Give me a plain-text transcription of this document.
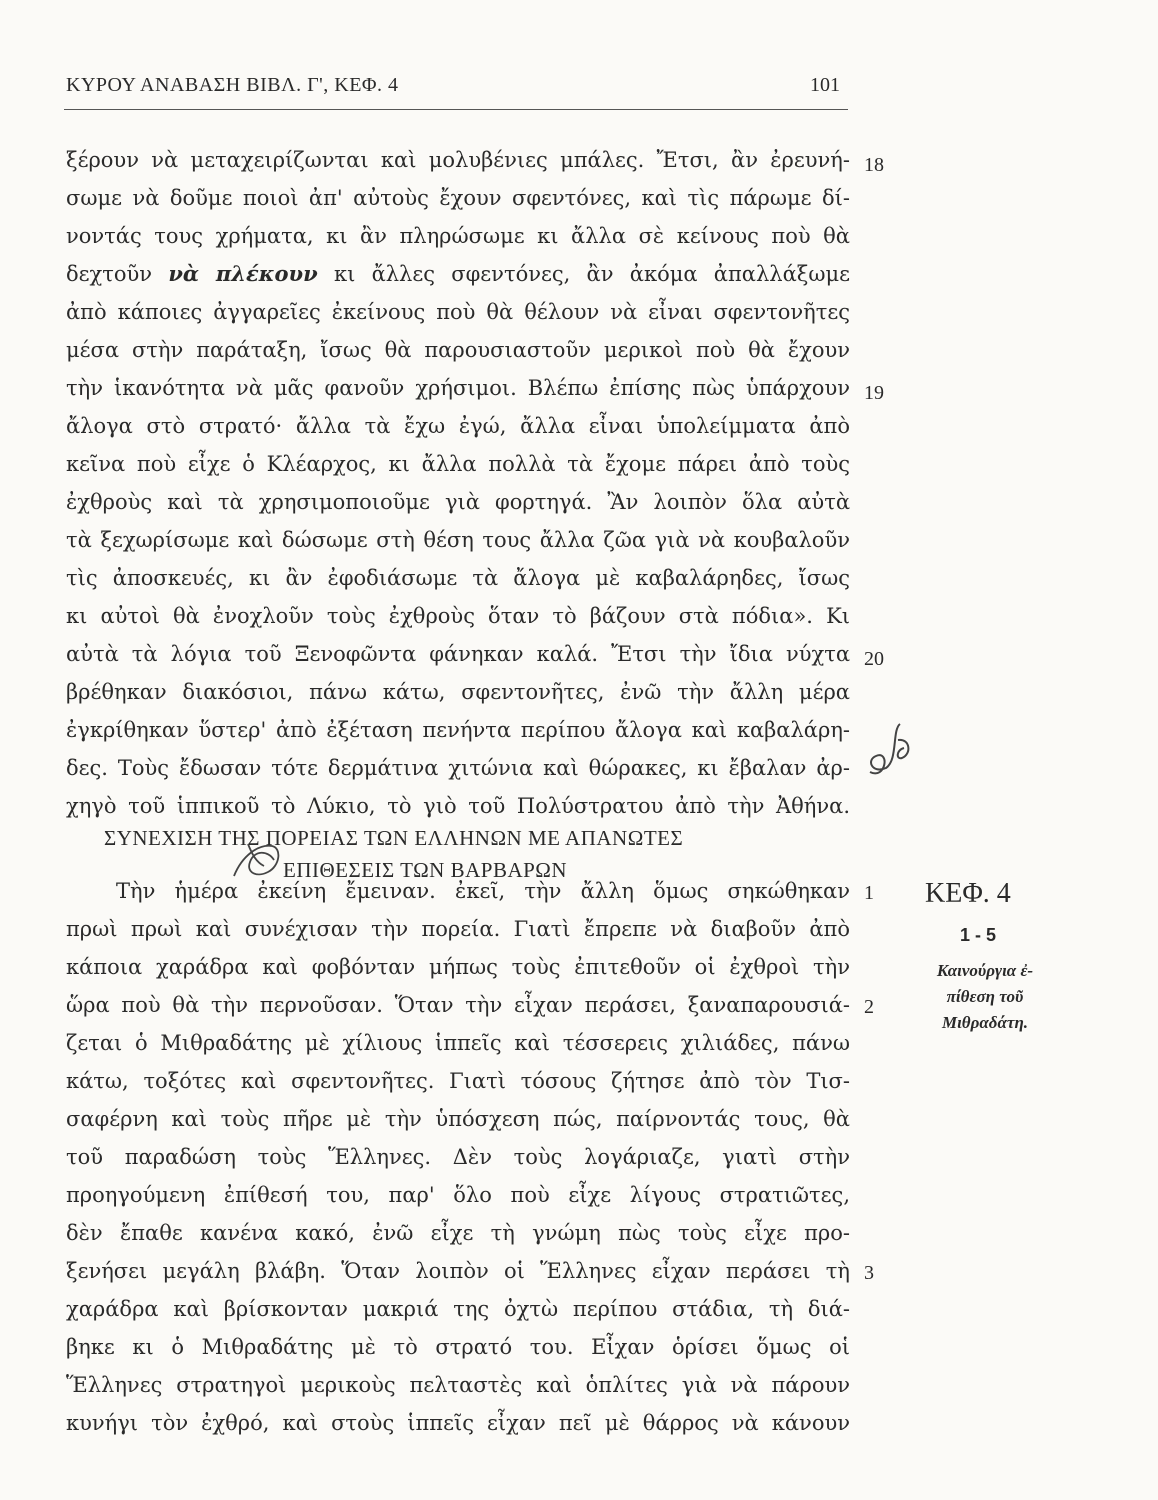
ΚΥΡΟΥ ΑΝΑΒΑΣΗ ΒΙΒΛ. Γ', ΚΕΦ. 4	101
ξέρουν νὰ μεταχειρίζωνται καὶ μολυβένιες μπάλες. Ἔτσι, ἂν ἐρευνή-
σωμε νὰ δοῦμε ποιοὶ ἀπ' αὐτοὺς ἔχουν σφεντόνες, καὶ τὶς πάρωμε δί-
νοντάς τους χρήματα, κι ἂν πληρώσωμε κι ἄλλα σὲ κείνους ποὺ θὰ
δεχτοῦν νὰ πλέκουν κι ἄλλες σφεντόνες, ἂν ἀκόμα ἀπαλλάξωμε
ἀπὸ κάποιες ἀγγαρεῖες ἐκείνους ποὺ θὰ θέλουν νὰ εἶναι σφεντονῆτες
μέσα στὴν παράταξη, ἴσως θὰ παρουσιαστοῦν μερικοὶ ποὺ θὰ ἔχουν
τὴν ἱκανότητα νὰ μᾶς φανοῦν χρήσιμοι. Βλέπω ἐπίσης πὼς ὑπάρχουν
ἄλογα στὸ στρατό· ἄλλα τὰ ἔχω ἐγώ, ἄλλα εἶναι ὑπολείμματα ἀπὸ
κεῖνα ποὺ εἶχε ὁ Κλέαρχος, κι ἄλλα πολλὰ τὰ ἔχομε πάρει ἀπὸ τοὺς
ἐχθροὺς καὶ τὰ χρησιμοποιοῦμε γιὰ φορτηγά. Ἂν λοιπὸν ὅλα αὐτὰ
τὰ ξεχωρίσωμε καὶ δώσωμε στὴ θέση τους ἄλλα ζῶα γιὰ νὰ κουβαλοῦν
τὶς ἀποσκευές, κι ἂν ἐφοδιάσωμε τὰ ἄλογα μὲ καβαλάρηδες, ἴσως
κι αὐτοὶ θὰ ἐνοχλοῦν τοὺς ἐχθροὺς ὅταν τὸ βάζουν στὰ πόδια». Κι
αὐτὰ τὰ λόγια τοῦ Ξενοφῶντα φάνηκαν καλά. Ἔτσι τὴν ἴδια νύχτα
βρέθηκαν διακόσιοι, πάνω κάτω, σφεντονῆτες, ἐνῶ τὴν ἄλλη μέρα
ἐγκρίθηκαν ὕστερ' ἀπὸ ἐξέταση πενήντα περίπου ἄλογα καὶ καβαλάρη-
δες. Τοὺς ἔδωσαν τότε δερμάτινα χιτώνια καὶ θώρακες, κι ἔβαλαν ἀρ-
χηγὸ τοῦ ἱππικοῦ τὸ Λύκιο, τὸ γιὸ τοῦ Πολύστρατου ἀπὸ τὴν Ἀθήνα.
18
19
20
ΣΥΝΕΧΙΣΗ ΤΗΣ ΠΟΡΕΙΑΣ ΤΩΝ ΕΛΛΗΝΩΝ ΜΕ ΑΠΑΝΩΤΕΣ
ΕΠΙΘΕΣΕΙΣ ΤΩΝ ΒΑΡΒΑΡΩΝ
Τὴν ἡμέρα ἐκείνη ἔμειναν. ἐκεῖ, τὴν ἄλλη ὅμως σηκώθηκαν
πρωὶ πρωὶ καὶ συνέχισαν τὴν πορεία. Γιατὶ ἔπρεπε νὰ διαβοῦν ἀπὸ
κάποια χαράδρα καὶ φοβόνταν μήπως τοὺς ἐπιτεθοῦν οἱ ἐχθροὶ τὴν
ὥρα ποὺ θὰ τὴν περνοῦσαν. Ὅταν τὴν εἶχαν περάσει, ξαναπαρουσιά-
ζεται ὁ Μιθραδάτης μὲ χίλιους ἱππεῖς καὶ τέσσερεις χιλιάδες, πάνω
κάτω, τοξότες καὶ σφεντονῆτες. Γιατὶ τόσους ζήτησε ἀπὸ τὸν Τισ-
σαφέρνη καὶ τοὺς πῆρε μὲ τὴν ὑπόσχεση πώς, παίρνοντάς τους, θὰ
τοῦ παραδώση τοὺς Ἕλληνες. Δὲν τοὺς λογάριαζε, γιατὶ στὴν
προηγούμενη ἐπίθεσή του, παρ' ὅλο ποὺ εἶχε λίγους στρατιῶτες,
δὲν ἔπαθε κανένα κακό, ἐνῶ εἶχε τὴ γνώμη πὼς τοὺς εἶχε προ-
ξενήσει μεγάλη βλάβη. Ὅταν λοιπὸν οἱ Ἕλληνες εἶχαν περάσει τὴ
χαράδρα καὶ βρίσκονταν μακριά της ὀχτὼ περίπου στάδια, τὴ διά-
βηκε κι ὁ Μιθραδάτης μὲ τὸ στρατό του. Εἶχαν ὁρίσει ὅμως οἱ
Ἕλληνες στρατηγοὶ μερικοὺς πελταστὲς καὶ ὁπλίτες γιὰ νὰ πάρουν
κυνήγι τὸν ἐχθρό, καὶ στοὺς ἱππεῖς εἶχαν πεῖ μὲ θάρρος νὰ κάνουν
1
2
3
ΚΕΦ. 4
1 - 5
Καινούργια ἐ-
πίθεση τοῦ
Μιθραδάτη.
